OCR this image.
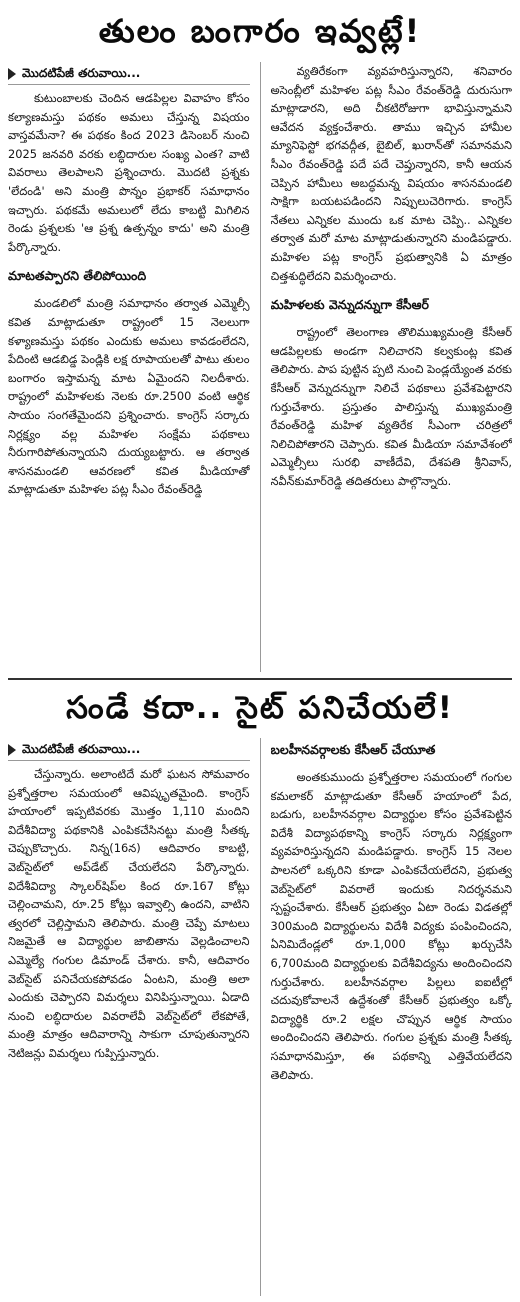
తులం బంగారం ఇవ్వట్లే!
మొదటిపేజీ తరువాయి...

కుటుంబాలకు చెందిన ఆడపిల్లల వివాహం కోసం కల్యాణమస్తు పథకం అమలు చేస్తున్న విషయం వాస్తవమేనా? ఈ పథకం కింద 2023 డిసెంబర్ నుంచి 2025 జనవరి వరకు లబ్ధిదారుల సంఖ్య ఎంత? వాటి వివరాలు తెలపాలని ప్రశ్నించారు. మొదటి ప్రశ్నకు 'లేదండి' అని మంత్రి పొన్నం ప్రభాకర్ సమాధానం ఇచ్చారు. పథకమే అమలులో లేదు కాబట్టి మిగిలిన రెండు ప్రశ్నలకు 'ఆ ప్రశ్న ఉత్పన్నం కాదు' అని మంత్రి పేర్కొన్నారు.

మాటతప్పారని తేలిపోయింది

మండలిలో మంత్రి సమాధానం తర్వాత ఎమ్మెల్సీ కవిత మాట్లాడుతూ రాష్ట్రంలో 15 నెలలుగా కళ్యాణమస్తు పథకం ఎందుకు అమలు కావడంలేదని, పేదింటి ఆడబిడ్డ పెండ్లికి లక్ష రూపాయలతో పాటు తులం బంగారం ఇస్తామన్న మాట ఏమైందని నిలదీశారు. రాష్ట్రంలో మహిళలకు నెలకు రూ.2500 వంటి ఆర్థిక సాయం సంగతేమైందని ప్రశ్నించారు. కాంగ్రెస్ సర్కారు నిర్లక్ష్యం వల్ల మహిళల సంక్షేమ పథకాలు నీరుగారిపోతున్నాయని దుయ్యబట్టారు. ఆ తర్వాత శాసనమండలి ఆవరణలో కవిత మీడియాతో మాట్లాడుతూ మహిళల పట్ల సీఎం రేవంత్‌రెడ్డి

వ్యతిరేకంగా వ్యవహరిస్తున్నారని, శనివారం అసెంబ్లీలో మహిళల పట్ల సీఎం రేవంత్‌రెడ్డి దురుసుగా మాట్లాడారని, అది చీకటిరోజుగా భావిస్తున్నామని ఆవేదన వ్యక్తంచేశారు. తాము ఇచ్చిన హామీల మ్యానిఫెస్టో భగవద్గీత, బైబిల్, ఖురాన్‌తో సమానమని సీఎం రేవంత్‌రెడ్డి పదే పదే చెప్తున్నారని, కానీ ఆయన చెప్పిన హామీలు అబద్ధమన్న విషయం శాసనమండలి సాక్షిగా బయటపడిందని నిప్పులుచెరిగారు. కాంగ్రెస్ నేతలు ఎన్నికల ముందు ఒక మాట చెప్పి.. ఎన్నికల తర్వాత మరో మాట మాట్లాడుతున్నారని మండిపడ్డారు. మహిళల పట్ల కాంగ్రెస్ ప్రభుత్వానికి ఏ మాత్రం చిత్తశుద్ధిలేదని విమర్శించారు.

మహిళలకు వెన్నుదన్నుగా కేసీఆర్

రాష్ట్రంలో తెలంగాణ తొలిముఖ్యమంత్రి కేసీఆర్ ఆడపిల్లలకు అండగా నిలిచారని కల్వకుంట్ల కవిత తెలిపారు. పాప పుట్టిన ప్పటి నుంచి పెండ్లయ్యేంత వరకు కేసీఆర్ వెన్నుదన్నుగా నిలిచే పథకాలు ప్రవేశపెట్టారని గుర్తుచేశారు. ప్రస్తుతం పాలిస్తున్న ముఖ్యమంత్రి రేవంత్‌రెడ్డి మహిళ వ్యతిరేక సీఎంగా చరిత్రలో నిలిచిపోతారని చెప్పారు. కవిత మీడియా సమావేశంలో ఎమ్మెల్సీలు సురభి వాణీదేవి, దేశపతి శ్రీనివాస్, నవీన్‌కుమార్‌రెడ్డి తదితరులు పాల్గొన్నారు.

సండే కదా.. సైట్ పనిచేయలే!
మొదటిపేజీ తరువాయి...

చేస్తున్నారు. అలాంటిదే మరో ఘటన సోమవారం ప్రశ్నోత్తరాల సమయంలో ఆవిష్కృతమైంది. కాంగ్రెస్ హయాంలో ఇప్పటివరకు మొత్తం 1,110 మందిని విదేశీవిద్యా పథకానికి ఎంపికచేసినట్టు మంత్రి సీతక్క చెప్పుకొచ్చారు. నిన్న(16న) ఆదివారం కాబట్టి, వెబ్‌సైట్‌లో అప్‌డేట్ చేయలేదని పేర్కొన్నారు. విదేశీవిద్యా స్కాలర్‌షిప్‌ల కింద రూ.167 కోట్లు చెల్లించామని, రూ.25 కోట్లు ఇవ్వాల్సి ఉందని, వాటిని త్వరలో చెల్లిస్తామని తెలిపారు. మంత్రి చెప్పే మాటలు నిజమైతే ఆ విద్యార్థుల జాబితాను వెల్లడించాలని ఎమ్మెల్యే గంగుల డిమాండ్ చేశారు. కానీ, ఆదివారం వెబ్‌సైట్ పనిచేయకపోవడం ఏంటని, మంత్రి అలా ఎందుకు చెప్పారని విమర్శలు వినిపిస్తున్నాయి. ఏడాది నుంచి లబ్ధిదారుల వివరాలేవీ వెబ్‌సైట్‌లో లేకపోతే, మంత్రి మాత్రం ఆదివారాన్ని సాకుగా చూపుతున్నారని నెటిజన్లు విమర్శలు గుప్పిస్తున్నారు.

బలహీనవర్గాలకు కేసీఆర్ చేయూత

అంతకుముందు ప్రశ్నోత్తరాల సమయంలో గంగుల కమలాకర్ మాట్లాడుతూ కేసీఆర్ హయాంలో పేద, బడుగు, బలహీనవర్గాల విద్యార్థుల కోసం ప్రవేశపెట్టిన విదేశీ విద్యాపథకాన్ని కాంగ్రెస్ సర్కారు నిర్లక్ష్యంగా వ్యవహరిస్తున్నదని మండిపడ్డారు. కాంగ్రెస్ 15 నెలల పాలనలో ఒక్కరిని కూడా ఎంపికచేయలేదని, ప్రభుత్వ వెబ్‌సైట్‌లో వివరాలే ఇందుకు నిదర్శనమని స్పష్టంచేశారు. కేసీఆర్ ప్రభుత్వం ఏటా రెండు విడతల్లో 300మంది విద్యార్థులను విదేశీ విద్యకు పంపించిందని, ఏనిమిదేండ్లలో రూ.1,000 కోట్లు ఖర్చుచేసి 6,700మంది విద్యార్థులకు విదేశీవిద్యను అందించిందని గుర్తుచేశారు. బలహీనవర్గాల పిల్లలు ఐఐటీల్లో చదువుకోవాలనే ఉద్దేశంతో కేసీఆర్ ప్రభుత్వం ఒక్కో విద్యార్థికి రూ.2 లక్షల చొప్పున ఆర్థిక సాయం అందించిందని తెలిపారు. గంగుల ప్రశ్నకు మంత్రి సీతక్క సమాధానమిస్తూ, ఈ పథకాన్ని ఎత్తివేయలేదని తెలిపారు.
